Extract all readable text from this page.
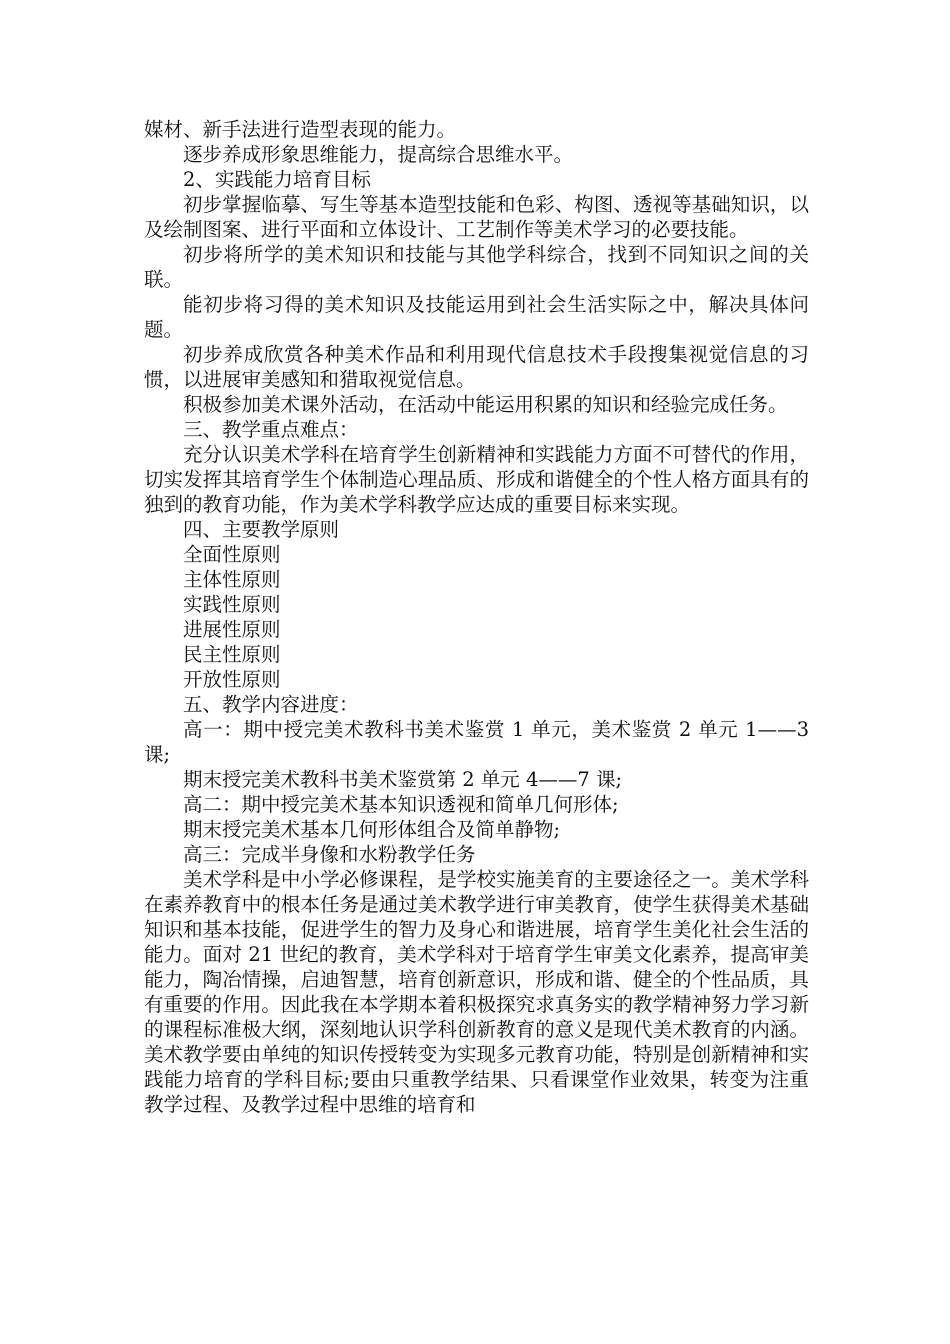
媒材、新手法进行造型表现的能力。

逐步养成形象思维能力，提高综合思维水平。

2、实践能力培育目标

初步掌握临摹、写生等基本造型技能和色彩、构图、透视等基础知识，以及绘制图案、进行平面和立体设计、工艺制作等美术学习的必要技能。

初步将所学的美术知识和技能与其他学科综合，找到不同知识之间的关联。

能初步将习得的美术知识及技能运用到社会生活实际之中，解决具体问题。

初步养成欣赏各种美术作品和利用现代信息技术手段搜集视觉信息的习惯，以进展审美感知和猎取视觉信息。

积极参加美术课外活动，在活动中能运用积累的知识和经验完成任务。

三、教学重点难点：

充分认识美术学科在培育学生创新精神和实践能力方面不可替代的作用，切实发挥其培育学生个体制造心理品质、形成和谐健全的个性人格方面具有的独到的教育功能，作为美术学科教学应达成的重要目标来实现。

四、主要教学原则

全面性原则

主体性原则

实践性原则

进展性原则

民主性原则

开放性原则

五、教学内容进度：

高一：期中授完美术教科书美术鉴赏 1 单元，美术鉴赏 2 单元 1——3 课;

期末授完美术教科书美术鉴赏第 2 单元 4——7 课;

高二：期中授完美术基本知识透视和简单几何形体;

期末授完美术基本几何形体组合及简单静物;

高三：完成半身像和水粉教学任务

美术学科是中小学必修课程，是学校实施美育的主要途径之一。美术学科在素养教育中的根本任务是通过美术教学进行审美教育，使学生获得美术基础知识和基本技能，促进学生的智力及身心和谐进展，培育学生美化社会生活的能力。面对 21 世纪的教育，美术学科对于培育学生审美文化素养，提高审美能力，陶冶情操，启迪智慧，培育创新意识，形成和谐、健全的个性品质，具有重要的作用。因此我在本学期本着积极探究求真务实的教学精神努力学习新的课程标准极大纲，深刻地认识学科创新教育的意义是现代美术教育的内涵。美术教学要由单纯的知识传授转变为实现多元教育功能，特别是创新精神和实践能力培育的学科目标;要由只重教学结果、只看课堂作业效果，转变为注重教学过程、及教学过程中思维的培育和
